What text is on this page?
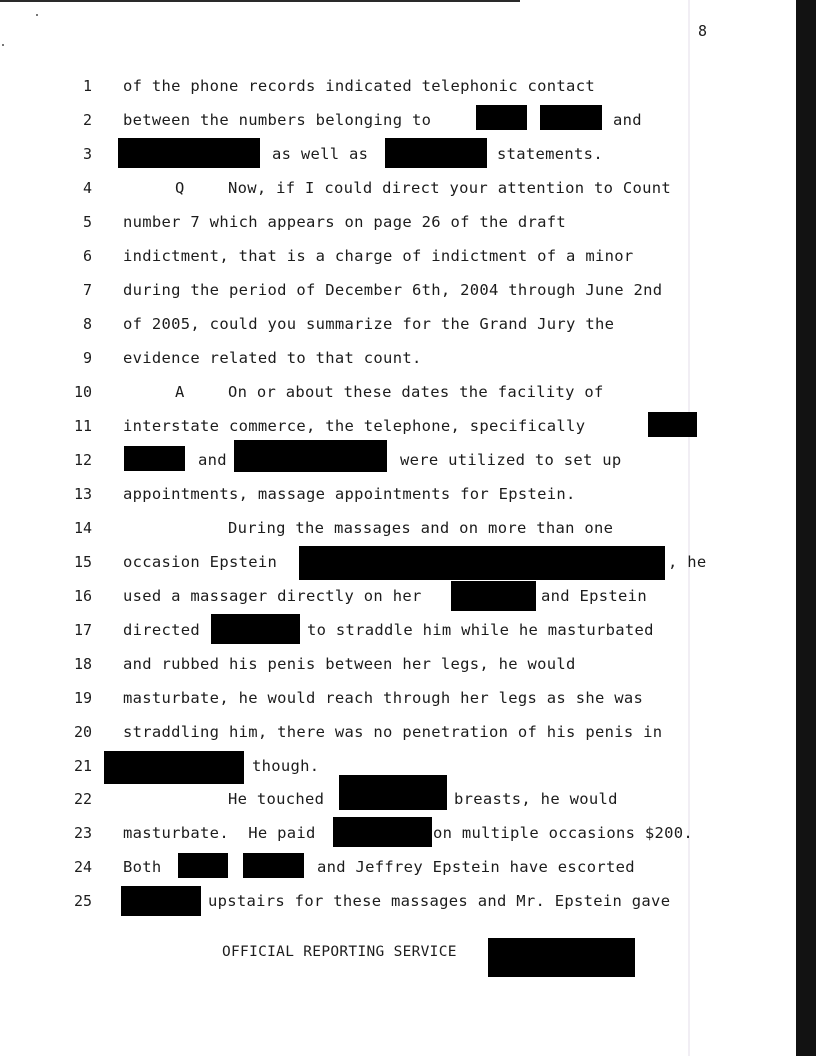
8
1
2
3
4
5
6
7
8
9
10
11
12
13
14
15
16
17
18
19
20
21
22
23
24
25
of the phone records indicated telephonic contact
between the numbers belonging to	and
as well as	statements.
Q	Now, if I could direct your attention to Count
number 7 which appears on page 26 of the draft
indictment, that is a charge of indictment of a minor
during the period of December 6th, 2004 through June 2nd
of 2005, could you summarize for the Grand Jury the
evidence related to that count.
A	On or about these dates the facility of
interstate commerce, the telephone, specifically
and	were utilized to set up
appointments, massage appointments for Epstein.
During the massages and on more than one
occasion Epstein	, he
used a massager directly on her	and Epstein
directed	to straddle him while he masturbated
and rubbed his penis between her legs, he would
masturbate, he would reach through her legs as she was
straddling him, there was no penetration of his penis in
though.
He touched	breasts, he would
masturbate.  He paid	on multiple occasions $200.
Both	and Jeffrey Epstein have escorted
upstairs for these massages and Mr. Epstein gave
OFFICIAL REPORTING SERVICE
